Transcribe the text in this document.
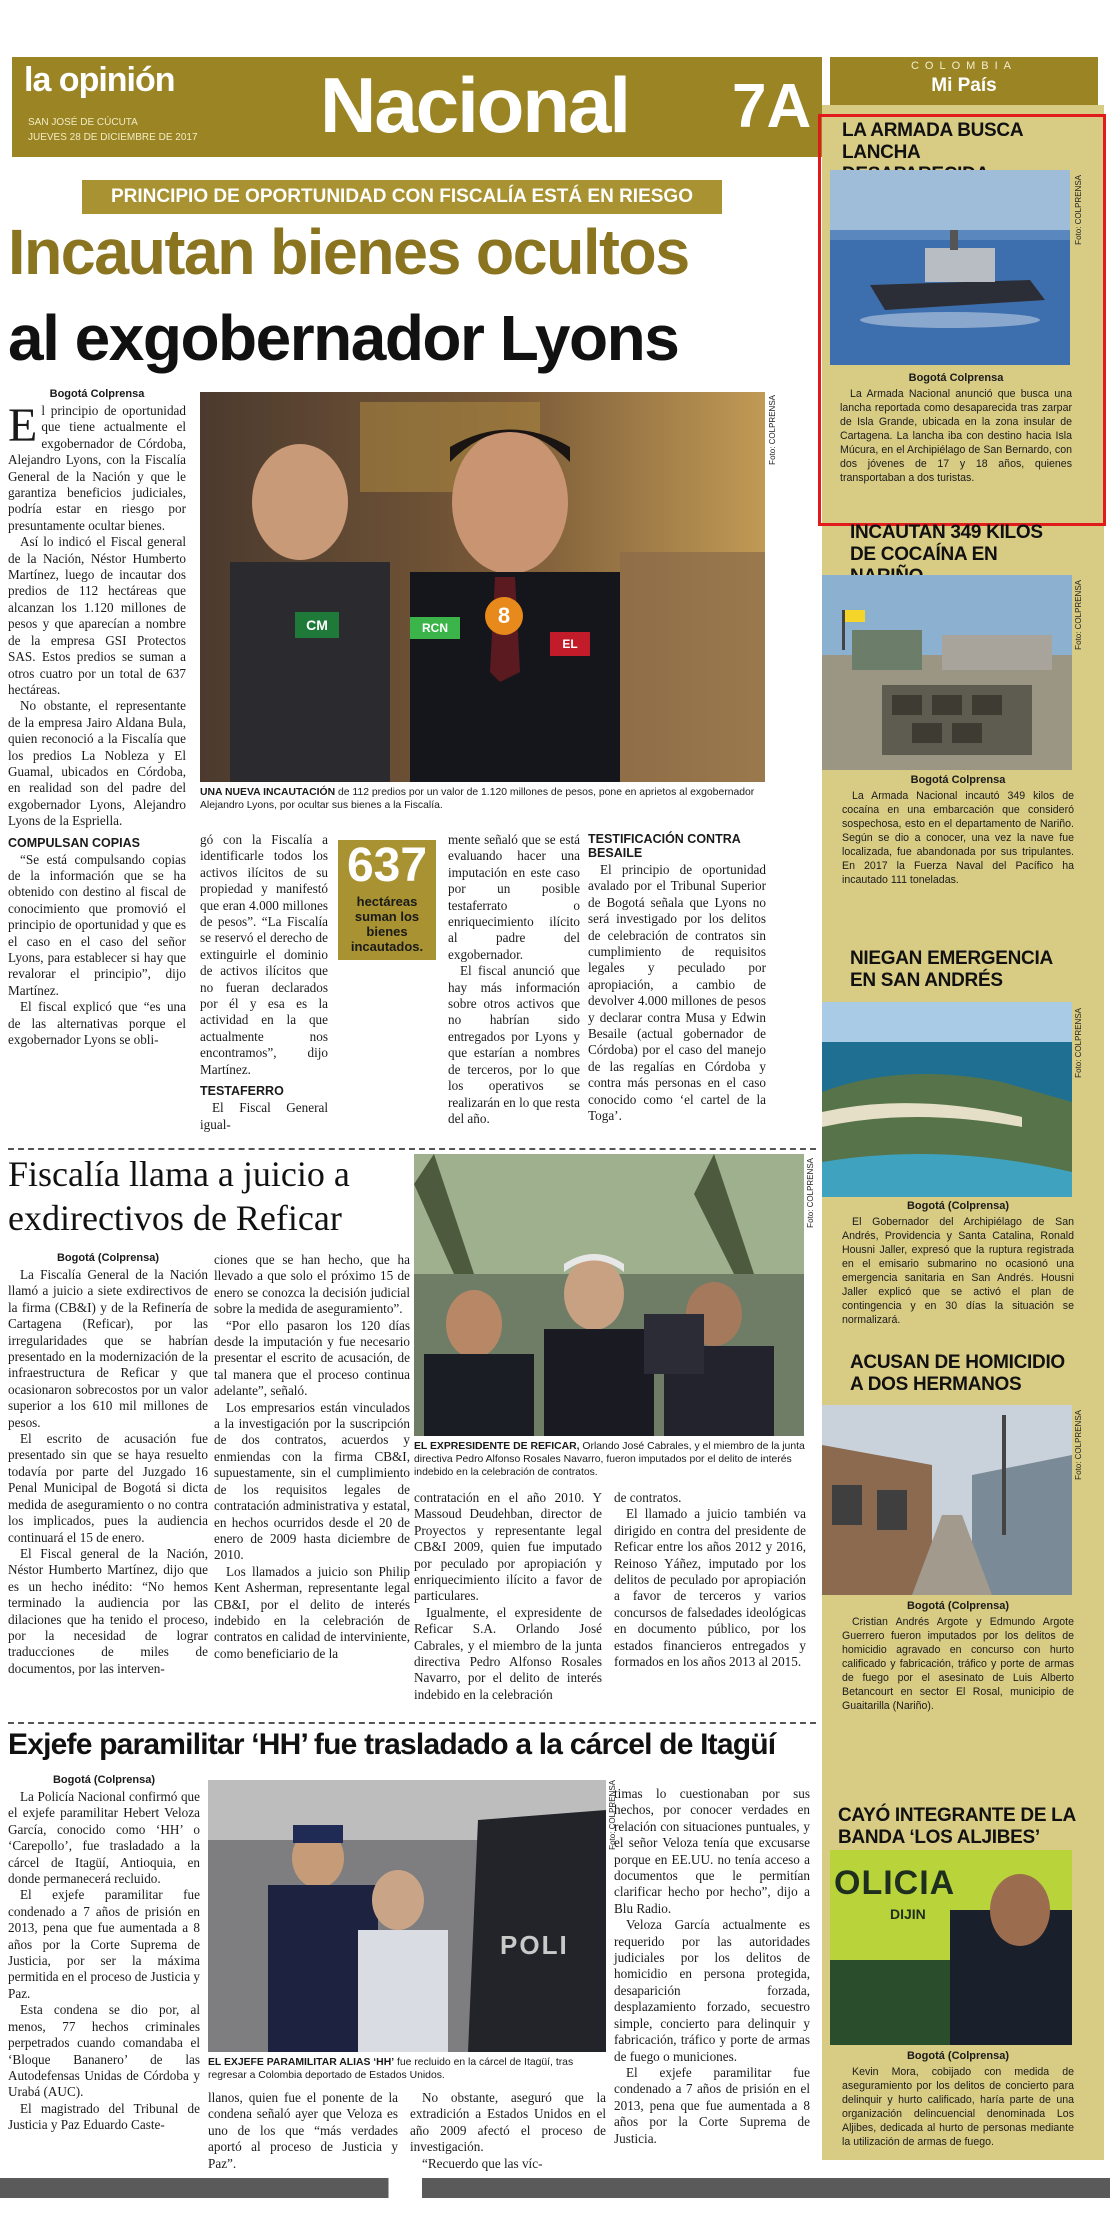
la opinión
SAN JOSÉ DE CÚCUTA
JUEVES 28 DE DICIEMBRE DE 2017 Nacional 7A
COLOMBIA
Mi País
PRINCIPIO DE OPORTUNIDAD CON FISCALÍA ESTÁ EN RIESGO
Incautan bienes ocultos
al exgobernador Lyons
Bogotá Colprensa
E l principio de oportunidad que tiene actualmente el exgobernador de Córdoba, Alejandro Lyons, con la Fiscalía General de la Nación y que le garantiza beneficios judiciales, podría estar en riesgo por presuntamente ocultar bienes.

Así lo indicó el Fiscal general de la Nación, Néstor Humberto Martínez, luego de incautar dos predios de 112 hectáreas que alcanzan los 1.120 millones de pesos y que aparecían a nombre de la empresa GSI Protectos SAS. Estos predios se suman a otros cuatro por un total de 637 hectáreas.

No obstante, el representante de la empresa Jairo Aldana Bula, quien reconoció a la Fiscalía que los predios La Nobleza y El Guamal, ubicados en Córdoba, en realidad son del padre del exgobernador Lyons, Alejandro Lyons de la Espriella.

COMPULSAN COPIAS

“Se está compulsando copias de la información que se ha obtenido con destino al fiscal de conocimiento que promovió el principio de oportunidad y que es el caso en el caso del señor Lyons, para establecer si hay que revalorar el principio”, dijo Martínez.

El fiscal explicó que “es una de las alternativas porque el exgobernador Lyons se obli-

8
CM	RCN
EL
Foto: COLPRENSA
UNA NUEVA INCAUTACIÓN de 112 predios por un valor de 1.120 millones de pesos, pone en aprietos al exgobernador Alejandro Lyons, por ocultar sus bienes a la Fiscalía.

gó con la Fiscalía a identificarle todos los activos ilícitos de su propiedad y manifestó que eran 4.000 millones de pesos”. “La Fiscalía se reservó el derecho de extinguirle el dominio de activos ilícitos que no fueran declarados por él y esa es la actividad en la que actualmente nos encontramos”, dijo Martínez.

TESTAFERRO

El Fiscal General igual-

637
hectáreas suman los bienes incautados.

mente señaló que se está evaluando hacer una imputación en este caso por un posible testaferrato o enriquecimiento ilícito al padre del exgobernador.

El fiscal anunció que hay más información sobre otros activos que no habrían sido entregados por Lyons y que estarían a nombres de terceros, por lo que los operativos se realizarán en lo que resta del año.

TESTIFICACIÓN CONTRA BESAILE

El principio de oportunidad avalado por el Tribunal Superior de Bogotá señala que Lyons no será investigado por los delitos de celebración de contratos sin cumplimiento de requisitos legales y peculado por apropiación, a cambio de devolver 4.000 millones de pesos y declarar contra Musa y Edwin Besaile (actual gobernador de Córdoba) por el caso del manejo de las regalías en Córdoba y contra más personas en el caso conocido como ‘el cartel de la Toga’.

Fiscalía llama a juicio a exdirectivos de Reficar
Bogotá (Colprensa)

La Fiscalía General de la Nación llamó a juicio a siete exdirectivos de la firma (CB&I) y de la Refinería de Cartagena (Reficar), por las irregularidades que se habrían presentado en la modernización de la infraestructura de Reficar y que ocasionaron sobrecostos por un valor superior a los 610 mil millones de pesos.

El escrito de acusación fue presentado sin que se haya resuelto todavía por parte del Juzgado 16 Penal Municipal de Bogotá si dicta medida de aseguramiento o no contra los implicados, pues la audiencia continuará el 15 de enero.

El Fiscal general de la Nación, Néstor Humberto Martínez, dijo que es un hecho inédito: “No hemos terminado la audiencia por las dilaciones que ha tenido el proceso, por la necesidad de lograr traducciones de miles de documentos, por las interven-

ciones que se han hecho, que ha llevado a que solo el próximo 15 de enero se conozca la decisión judicial sobre la medida de aseguramiento”.

“Por ello pasaron los 120 días desde la imputación y fue necesario presentar el escrito de acusación, de tal manera que el proceso continua adelante”, señaló.

Los empresarios están vinculados a la investigación por la suscripción de dos contratos, acuerdos y enmiendas con la firma CB&I, supuestamente, sin el cumplimiento de los requisitos legales de contratación administrativa y estatal, en hechos ocurridos desde el 20 de enero de 2009 hasta diciembre de 2010.

Los llamados a juicio son Philip Kent Asherman, representante legal CB&I, por el delito de interés indebido en la celebración de contratos en calidad de interviniente, como beneficiario de la

Foto: COLPRENSA
EL EXPRESIDENTE DE REFICAR, Orlando José Cabrales, y el miembro de la junta directiva Pedro Alfonso Rosales Navarro, fueron imputados por el delito de interés indebido en la celebración de contratos.

contratación en el año 2010. Y Massoud Deudehban, director de Proyectos y representante legal CB&I 2009, quien fue imputado por peculado por apropiación y enriquecimiento ilícito a favor de particulares.

Igualmente, el expresidente de Reficar S.A. Orlando José Cabrales, y el miembro de la junta directiva Pedro Alfonso Rosales Navarro, por el delito de interés indebido en la celebración

de contratos.

El llamado a juicio también va dirigido en contra del presidente de Reficar entre los años 2012 y 2016, Reinoso Yáñez, imputado por los delitos de peculado por apropiación a favor de terceros y varios concursos de falsedades ideológicas en documento público, por los estados financieros entregados y formados en los años 2013 al 2015.

Exjefe paramilitar ‘HH’ fue trasladado a la cárcel de Itagüí
Bogotá (Colprensa)

La Policía Nacional confirmó que el exjefe paramilitar Hebert Veloza García, conocido como ‘HH’ o ‘Carepollo’, fue trasladado a la cárcel de Itagüí, Antioquia, en donde permanecerá recluido.

El exjefe paramilitar fue condenado a 7 años de prisión en 2013, pena que fue aumentada a 8 años por la Corte Suprema de Justicia, por ser la máxima permitida en el proceso de Justicia y Paz.

Esta condena se dio por, al menos, 77 hechos criminales perpetrados cuando comandaba el ‘Bloque Bananero’ de las Autodefensas Unidas de Córdoba y Urabá (AUC).

El magistrado del Tribunal de Justicia y Paz Eduardo Caste-

POLI
Foto: COLPRENSA
EL EXJEFE PARAMILITAR ALIAS ‘HH’ fue recluido en la cárcel de Itagüí, tras regresar a Colombia deportado de Estados Unidos.

llanos, quien fue el ponente de la condena señaló ayer que Veloza es uno de los que “más verdades aportó al proceso de Justicia y Paz”.

No obstante, aseguró que la extradición a Estados Unidos en el año 2009 afectó el proceso de investigación.

“Recuerdo que las víc-

timas lo cuestionaban por sus hechos, por conocer verdades en relación con situaciones puntuales, y el señor Veloza tenía que excusarse porque en EE.UU. no tenía acceso a documentos que le permitían clarificar hecho por hecho”, dijo a Blu Radio.

Veloza García actualmente es requerido por las autoridades judiciales por los delitos de homicidio en persona protegida, desaparición forzada, desplazamiento forzado, secuestro simple, concierto para delinquir y fabricación, tráfico y porte de armas de fuego o municiones.

El exjefe paramilitar fue condenado a 7 años de prisión en el 2013, pena que fue aumentada a 8 años por la Corte Suprema de Justicia.

LA ARMADA BUSCA LANCHA
Foto: COLPRENSA
Bogotá Colprensa

La Armada Nacional anunció que busca una lancha reportada como desaparecida tras zarpar de Isla Grande, ubicada en la zona insular de Cartagena. La lancha iba con destino hacia Isla Múcura, en el Archipiélago de San Bernardo, con dos jóvenes de 17 y 18 años, quienes transportaban a dos turistas.

INCAUTAN 349 KILOS DE COCAÍNA EN
Foto: COLPRENSA
Bogotá Colprensa

La Armada Nacional incautó 349 kilos de cocaína en una embarcación que consideró sospechosa, esto en el departamento de Nariño. Según se dio a conocer, una vez la nave fue localizada, fue abandonada por sus tripulantes. En 2017 la Fuerza Naval del Pacífico ha incautado 111 toneladas.

NIEGAN EMERGENCIA EN SAN ANDRÉS
Foto: COLPRENSA
Bogotá (Colprensa)

El Gobernador del Archipiélago de San Andrés, Providencia y Santa Catalina, Ronald Housni Jaller, expresó que la ruptura registrada en el emisario submarino no ocasionó una emergencia sanitaria en San Andrés. Housni Jaller explicó que se activó el plan de contingencia y en 30 días la situación se normalizará.

ACUSAN DE HOMICIDIO A DOS HERMANOS
Foto: COLPRENSA
Bogotá (Colprensa)

Cristian Andrés Argote y Edmundo Argote Guerrero fueron imputados por los delitos de homicidio agravado en concurso con hurto calificado y fabricación, tráfico y porte de armas de fuego por el asesinato de Luis Alberto Betancourt en sector El Rosal, municipio de Guaitarilla (Nariño).

CAYÓ INTEGRANTE DE LA BANDA ‘LOS ALJIBES’
OLICIA
DIJIN
Bogotá (Colprensa)

Kevin Mora, cobijado con medida de aseguramiento por los delitos de concierto para delinquir y hurto calificado, haría parte de una organización delincuencial denominada Los Aljibes, dedicada al hurto de personas mediante la utilización de armas de fuego.
